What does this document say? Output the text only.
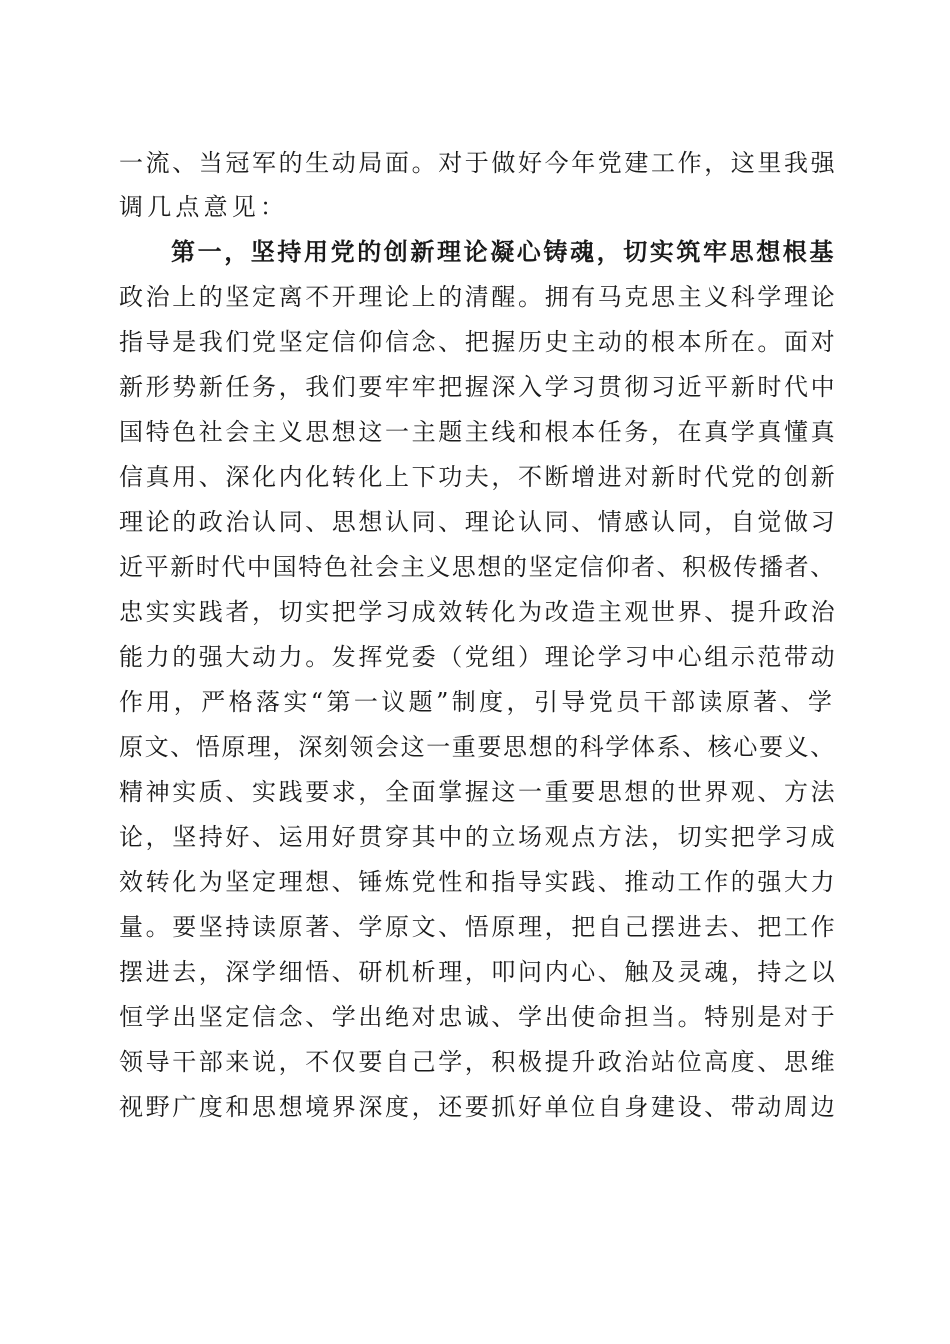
一流、当冠军的生动局面。对于做好今年党建工作，这里我强
调几点意见：
第一，坚持用党的创新理论凝心铸魂，切实筑牢思想根基
政治上的坚定离不开理论上的清醒。拥有马克思主义科学理论
指导是我们党坚定信仰信念、把握历史主动的根本所在。面对
新形势新任务，我们要牢牢把握深入学习贯彻习近平新时代中
国特色社会主义思想这一主题主线和根本任务，在真学真懂真
信真用、深化内化转化上下功夫，不断增进对新时代党的创新
理论的政治认同、思想认同、理论认同、情感认同，自觉做习
近平新时代中国特色社会主义思想的坚定信仰者、积极传播者、
忠实实践者，切实把学习成效转化为改造主观世界、提升政治
能力的强大动力。发挥党委（党组）理论学习中心组示范带动
作用，严格落实“第一议题”制度，引导党员干部读原著、学
原文、悟原理，深刻领会这一重要思想的科学体系、核心要义、
精神实质、实践要求，全面掌握这一重要思想的世界观、方法
论，坚持好、运用好贯穿其中的立场观点方法，切实把学习成
效转化为坚定理想、锤炼党性和指导实践、推动工作的强大力
量。要坚持读原著、学原文、悟原理，把自己摆进去、把工作
摆进去，深学细悟、研机析理，叩问内心、触及灵魂，持之以
恒学出坚定信念、学出绝对忠诚、学出使命担当。特别是对于
领导干部来说，不仅要自己学，积极提升政治站位高度、思维
视野广度和思想境界深度，还要抓好单位自身建设、带动周边
